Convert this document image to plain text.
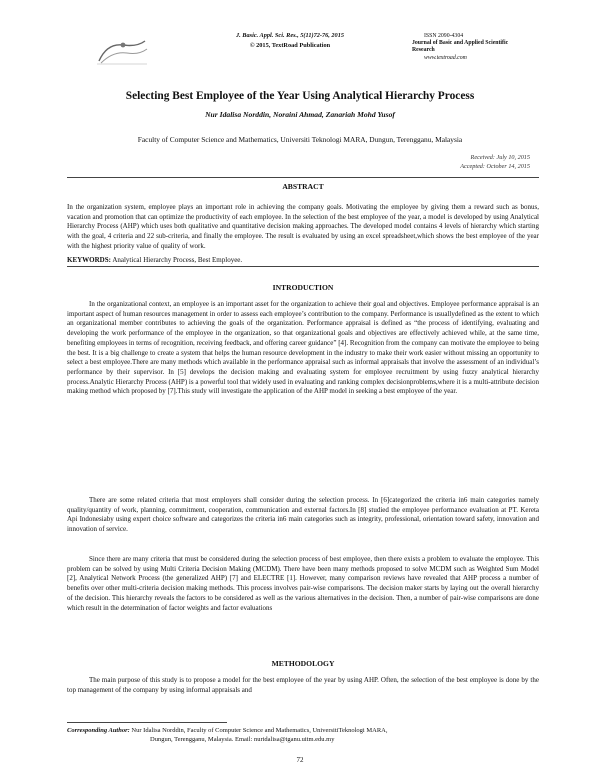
J. Basic. Appl. Sci. Res., 5(11)72-76, 2015
© 2015, TextRoad Publication
ISSN 2090-4304
Journal of Basic and Applied Scientific Research
www.textroad.com
Selecting Best Employee of the Year Using Analytical Hierarchy Process
Nur Idalisa Norddin, Noraini Ahmad, Zanariah Mohd Yusof
Faculty of Computer Science and Mathematics, Universiti Teknologi MARA, Dungun, Terengganu, Malaysia
Received: July 10, 2015
Accepted: October 14, 2015
ABSTRACT
In the organization system, employee plays an important role in achieving the company goals. Motivating the employee by giving them a reward such as bonus, vacation and promotion that can optimize the productivity of each employee. In the selection of the best employee of the year, a model is developed by using Analytical Hierarchy Process (AHP) which uses both qualitative and quantitative decision making approaches. The developed model contains 4 levels of hierarchy which starting with the goal, 4 criteria and 22 sub-criteria, and finally the employee. The result is evaluated by using an excel spreadsheet,which shows the best employee of the year with the highest priority value of quality of work.
KEYWORDS: Analytical Hierarchy Process, Best Employee.
INTRODUCTION
In the organizational context, an employee is an important asset for the organization to achieve their goal and objectives. Employee performance appraisal is an important aspect of human resources management in order to assess each employee’s contribution to the company. Performance is usuallydefined as the extent to which an organizational member contributes to achieving the goals of the organization. Performance appraisal is defined as “the process of identifying, evaluating and developing the work performance of the employee in the organization, so that organizational goals and objectives are effectively achieved while, at the same time, benefiting employees in terms of recognition, receiving feedback, and offering career guidance” [4]. Recognition from the company can motivate the employee to being the best. It is a big challenge to create a system that helps the human resource development in the industry to make their work easier without missing an opportunity to select a best employee.There are many methods which available in the performance appraisal such as informal appraisals that involve the assessment of an individual’s performance by their supervisor. In [5] develops the decision making and evaluating system for employee recruitment by using fuzzy analytical hierarchy process.Analytic Hierarchy Process (AHP) is a powerful tool that widely used in evaluating and ranking complex decisionproblems,where it is a multi-attribute decision making method which proposed by [7].This study will investigate the application of the AHP model in seeking a best employee of the year.
There are some related criteria that most employers shall consider during the selection process. In [6]categorized the criteria in6 main categories namely quality/quantity of work, planning, commitment, cooperation, communication and external factors.In [8] studied the employee performance evaluation at PT. Kereta Api Indonesiaby using expert choice software and categorizes the criteria in6 main categories such as integrity, professional, orientation toward safety, innovation and innovation of service.
Since there are many criteria that must be considered during the selection process of best employee, then there exists a problem to evaluate the employee. This problem can be solved by using Multi Criteria Decision Making (MCDM). There have been many methods proposed to solve MCDM such as Weighted Sum Model [2], Analytical Network Process (the generalized AHP) [7] and ELECTRE [1]. However, many comparison reviews have revealed that AHP process a number of benefits over other multi-criteria decision making methods. This process involves pair-wise comparisons. The decision maker starts by laying out the overall hierarchy of the decision. This hierarchy reveals the factors to be considered as well as the various alternatives in the decision. Then, a number of pair-wise comparisons are done which result in the determination of factor weights and factor evaluations
METHODOLOGY
The main purpose of this study is to propose a model for the best employee of the year by using AHP. Often, the selection of the best employee is done by the top management of the company by using informal appraisals and
Corresponding Author: Nur Idalisa Norddin, Faculty of Computer Science and Mathematics, UniversitiTeknologi MARA,
Dungun, Terengganu, Malaysia. Email: nuridalisa@tganu.uitm.edu.my
72
